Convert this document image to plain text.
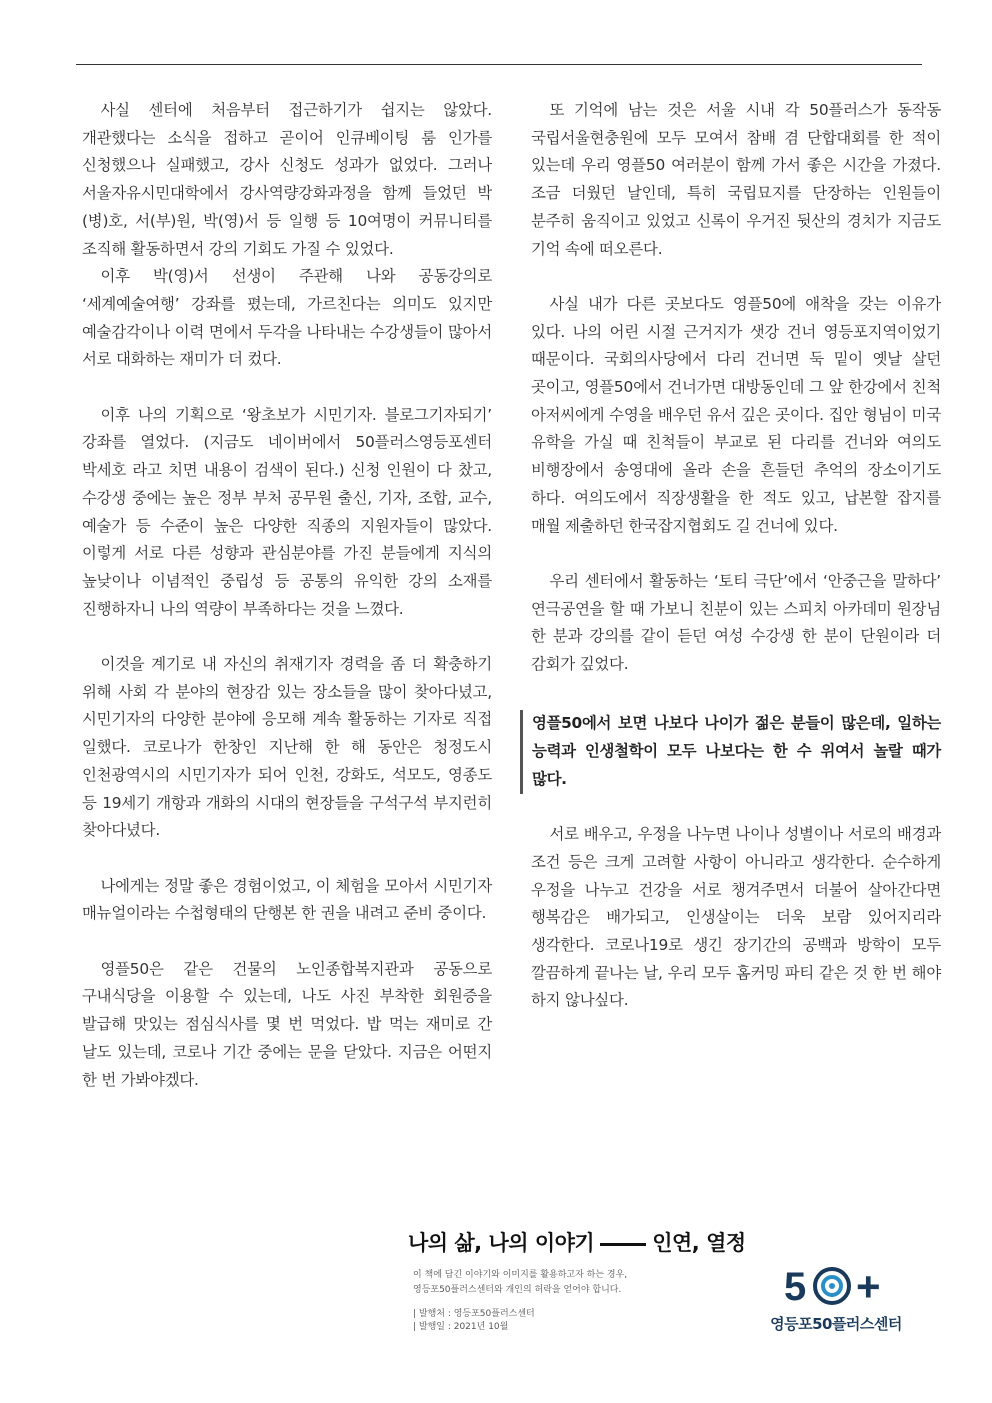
사실 센터에 처음부터 접근하기가 쉽지는 않았다. 개관했다는 소식을 접하고 곧이어 인큐베이팅 룸 인가를 신청했으나 실패했고, 강사 신청도 성과가 없었다. 그러나 서울자유시민대학에서 강사역량강화과정을 함께 들었던 박(병)호, 서(부)원, 박(영)서 등 일행 등 10여명이 커뮤니티를 조직해 활동하면서 강의 기회도 가질 수 있었다.

이후 박(영)서 선생이 주관해 나와 공동강의로 ‘세계예술여행’ 강좌를 폈는데, 가르친다는 의미도 있지만 예술감각이나 이력 면에서 두각을 나타내는 수강생들이 많아서 서로 대화하는 재미가 더 컸다.

이후 나의 기획으로 ‘왕초보가 시민기자. 블로그기자되기’ 강좌를 열었다. (지금도 네이버에서 50플러스영등포센터 박세호 라고 치면 내용이 검색이 된다.) 신청 인원이 다 찼고, 수강생 중에는 높은 정부 부처 공무원 출신, 기자, 조합, 교수, 예술가 등 수준이 높은 다양한 직종의 지원자들이 많았다. 이렇게 서로 다른 성향과 관심분야를 가진 분들에게 지식의 높낮이나 이념적인 중립성 등 공통의 유익한 강의 소재를 진행하자니 나의 역량이 부족하다는 것을 느꼈다.

이것을 계기로 내 자신의 취재기자 경력을 좀 더 확충하기 위해 사회 각 분야의 현장감 있는 장소들을 많이 찾아다녔고, 시민기자의 다양한 분야에 응모해 계속 활동하는 기자로 직접 일했다. 코로나가 한창인 지난해 한 해 동안은 청정도시 인천광역시의 시민기자가 되어 인천, 강화도, 석모도, 영종도 등 19세기 개항과 개화의 시대의 현장들을 구석구석 부지런히 찾아다녔다.

나에게는 정말 좋은 경험이었고, 이 체험을 모아서 시민기자 매뉴얼이라는 수첩형태의 단행본 한 권을 내려고 준비 중이다.

영플50은 같은 건물의 노인종합복지관과 공동으로 구내식당을 이용할 수 있는데, 나도 사진 부착한 회원증을 발급해 맛있는 점심식사를 몇 번 먹었다. 밥 먹는 재미로 간 날도 있는데, 코로나 기간 중에는 문을 닫았다. 지금은 어떤지 한 번 가봐야겠다.

또 기억에 남는 것은 서울 시내 각 50플러스가 동작동 국립서울현충원에 모두 모여서 참배 겸 단합대회를 한 적이 있는데 우리 영플50 여러분이 함께 가서 좋은 시간을 가졌다. 조금 더웠던 날인데, 특히 국립묘지를 단장하는 인원들이 분주히 움직이고 있었고 신록이 우거진 뒷산의 경치가 지금도 기억 속에 떠오른다.

사실 내가 다른 곳보다도 영플50에 애착을 갖는 이유가 있다. 나의 어린 시절 근거지가 샛강 건너 영등포지역이었기 때문이다. 국회의사당에서 다리 건너면 둑 밑이 옛날 살던 곳이고, 영플50에서 건너가면 대방동인데 그 앞 한강에서 친척 아저씨에게 수영을 배우던 유서 깊은 곳이다. 집안 형님이 미국 유학을 가실 때 친척들이 부교로 된 다리를 건너와 여의도 비행장에서 송영대에 올라 손을 흔들던 추억의 장소이기도 하다. 여의도에서 직장생활을 한 적도 있고, 납본할 잡지를 매월 제출하던 한국잡지협회도 길 건너에 있다.

우리 센터에서 활동하는 ‘토티 극단’에서 ‘안중근을 말하다’ 연극공연을 할 때 가보니 친분이 있는 스피치 아카데미 원장님 한 분과 강의를 같이 듣던 여성 수강생 한 분이 단원이라 더 감회가 깊었다.

영플50에서 보면 나보다 나이가 젊은 분들이 많은데, 일하는 능력과 인생철학이 모두 나보다는 한 수 위여서 놀랄 때가 많다.

서로 배우고, 우정을 나누면 나이나 성별이나 서로의 배경과 조건 등은 크게 고려할 사항이 아니라고 생각한다. 순수하게 우정을 나누고 건강을 서로 챙겨주면서 더불어 살아간다면 행복감은 배가되고, 인생살이는 더욱 보람 있어지리라 생각한다. 코로나19로 생긴 장기간의 공백과 방학이 모두 깔끔하게 끝나는 날, 우리 모두 홈커밍 파티 같은 것 한 번 해야 하지 않나싶다.

나의 삶, 나의 이야기	인연, 열정
이 책에 담긴 이야기와 이미지를 활용하고자 하는 경우,
영등포50플러스센터와 개인의 허락을 얻어야 합니다.
| 발행처 : 영등포50플러스센터
| 발행일 : 2021년 10월
5 +
영등포50플러스센터
